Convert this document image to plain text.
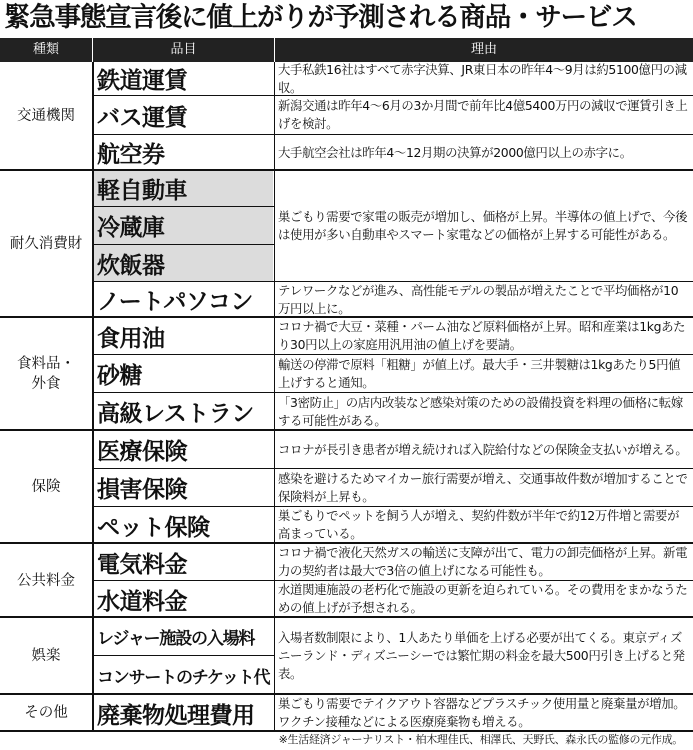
緊急事態宣言後に値上がりが予測される商品・サービス
種類	品目	理由
交通機関
耐久消費財
食料品・
外食
保険
公共料金
娯楽
その他
鉄道運賃
バス運賃
航空券
軽自動車
冷蔵庫
炊飯器
ノートパソコン
食用油
砂糖
高級レストラン
医療保険
損害保険
ペット保険
電気料金
水道料金
レジャー施設の入場料
コンサートのチケット代
廃棄物処理費用
大手私鉄16社はすべて赤字決算、JR東日本の昨年4～9月は約5100億円の減収。
新潟交通は昨年4～6月の3か月間で前年比4億5400万円の減収で運賃引き上げを検討。
大手航空会社は昨年4～12月期の決算が2000億円以上の赤字に。
巣ごもり需要で家電の販売が増加し、価格が上昇。半導体の値上げで、今後は使用が多い自動車やスマート家電などの価格が上昇する可能性がある。
テレワークなどが進み、高性能モデルの製品が増えたことで平均価格が10万円以上に。
コロナ禍で大豆・菜種・パーム油など原料価格が上昇。昭和産業は1kgあたり30円以上の家庭用汎用油の値上げを要請。
輸送の停滞で原料「粗糖」が値上げ。最大手・三井製糖は1kgあたり5円値上げすると通知。
「3密防止」の店内改装など感染対策のための設備投資を料理の価格に転嫁する可能性がある。
コロナが長引き患者が増え続ければ入院給付などの保険金支払いが増える。
感染を避けるためマイカー旅行需要が増え、交通事故件数が増加することで保険料が上昇も。
巣ごもりでペットを飼う人が増え、契約件数が半年で約12万件増と需要が高まっている。
コロナ禍で液化天然ガスの輸送に支障が出て、電力の卸売価格が上昇。新電力の契約者は最大で3倍の値上げになる可能性も。
水道関連施設の老朽化で施設の更新を迫られている。その費用をまかなうための値上げが予想される。
入場者数制限により、1人あたり単価を上げる必要が出てくる。東京ディズニーランド・ディズニーシーでは繁忙期の料金を最大500円引き上げると発表。
巣ごもり需要でテイクアウト容器などプラスチック使用量と廃棄量が増加。ワクチン接種などによる医療廃棄物も増える。
※生活経済ジャーナリスト・柏木理佳氏、相澤氏、天野氏、森永氏の監修の元作成。
